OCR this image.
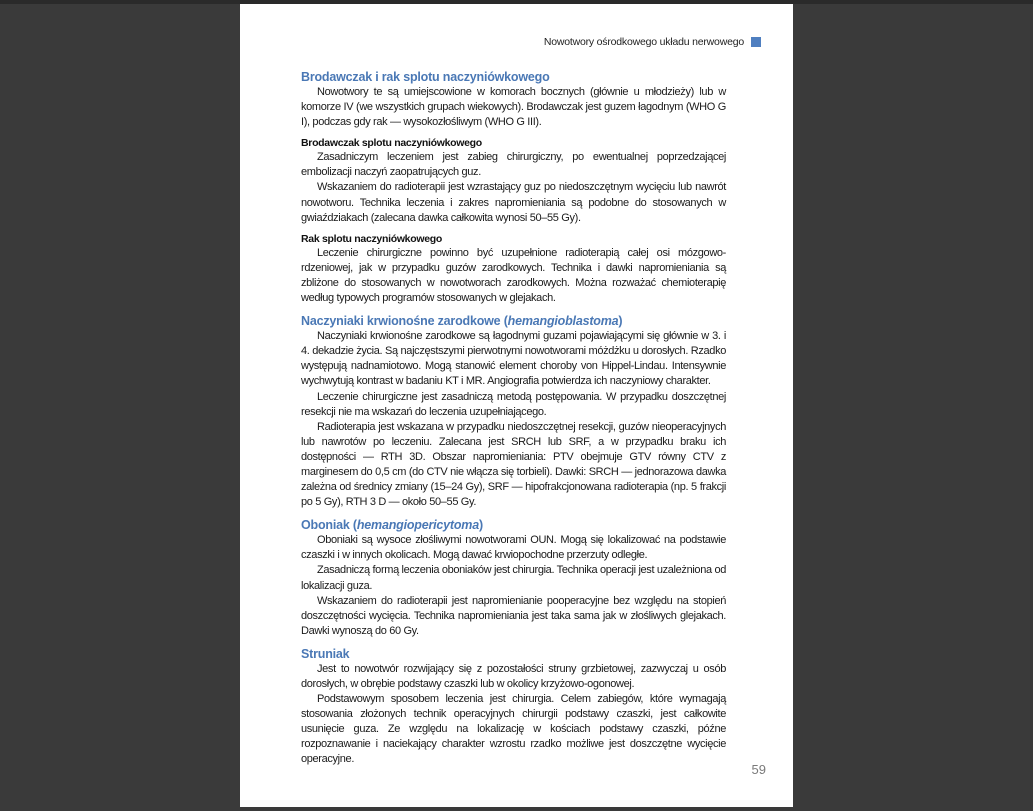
Nowotwory ośrodkowego układu nerwowego
Brodawczak i rak splotu naczyniówkowego

Nowotwory te są umiejscowione w komorach bocznych (głównie u młodzieży) lub w komorze IV (we wszystkich grupach wiekowych). Brodawczak jest guzem łagodnym (WHO G I), podczas gdy rak — wysokozłośliwym (WHO G III).

Brodawczak splotu naczyniówkowego

Zasadniczym leczeniem jest zabieg chirurgiczny, po ewentualnej poprzedzającej embolizacji naczyń zaopatrujących guz.

Wskazaniem do radioterapii jest wzrastający guz po niedoszczętnym wycięciu lub nawrót nowotworu. Technika leczenia i zakres napromieniania są podobne do stosowanych w gwiaździakach (zalecana dawka całkowita wynosi 50–55 Gy).

Rak splotu naczyniówkowego

Leczenie chirurgiczne powinno być uzupełnione radioterapią całej osi mózgowo-rdzeniowej, jak w przypadku guzów zarodkowych. Technika i dawki napromieniania są zbliżone do stosowanych w nowotworach zarodkowych. Można rozważać chemioterapię według typowych programów stosowanych w glejakach.

Naczyniaki krwionośne zarodkowe (hemangioblastoma)

Naczyniaki krwionośne zarodkowe są łagodnymi guzami pojawiającymi się głównie w 3. i 4. dekadzie życia. Są najczęstszymi pierwotnymi nowotworami móżdżku u dorosłych. Rzadko występują nadnamiotowo. Mogą stanowić element choroby von Hippel-Lindau. Intensywnie wychwytują kontrast w badaniu KT i MR. Angiografia potwierdza ich naczyniowy charakter.

Leczenie chirurgiczne jest zasadniczą metodą postępowania. W przypadku doszczętnej resekcji nie ma wskazań do leczenia uzupełniającego.

Radioterapia jest wskazana w przypadku niedoszczętnej resekcji, guzów nieoperacyjnych lub nawrotów po leczeniu. Zalecana jest SRCH lub SRF, a w przypadku braku ich dostępności — RTH 3D. Obszar napromieniania: PTV obejmuje GTV równy CTV z marginesem do 0,5 cm (do CTV nie włącza się torbieli). Dawki: SRCH — jednorazowa dawka zależna od średnicy zmiany (15–24 Gy), SRF — hipofrakcjonowana radioterapia (np. 5 frakcji po 5 Gy), RTH 3 D — około 50–55 Gy.

Oboniak (hemangiopericytoma)

Oboniaki są wysoce złośliwymi nowotworami OUN. Mogą się lokalizować na podstawie czaszki i w innych okolicach. Mogą dawać krwiopochodne przerzuty odległe.

Zasadniczą formą leczenia oboniaków jest chirurgia. Technika operacji jest uzależniona od lokalizacji guza.

Wskazaniem do radioterapii jest napromienianie pooperacyjne bez względu na stopień doszczętności wycięcia. Technika napromieniania jest taka sama jak w złośliwych glejakach. Dawki wynoszą do 60 Gy.

Struniak

Jest to nowotwór rozwijający się z pozostałości struny grzbietowej, zazwyczaj u osób dorosłych, w obrębie podstawy czaszki lub w okolicy krzyżowo-ogonowej.

Podstawowym sposobem leczenia jest chirurgia. Celem zabiegów, które wymagają stosowania złożonych technik operacyjnych chirurgii podstawy czaszki, jest całkowite usunięcie guza. Ze względu na lokalizację w kościach podstawy czaszki, późne rozpoznawanie i naciekający charakter wzrostu rzadko możliwe jest doszczętne wycięcie operacyjne.

59
